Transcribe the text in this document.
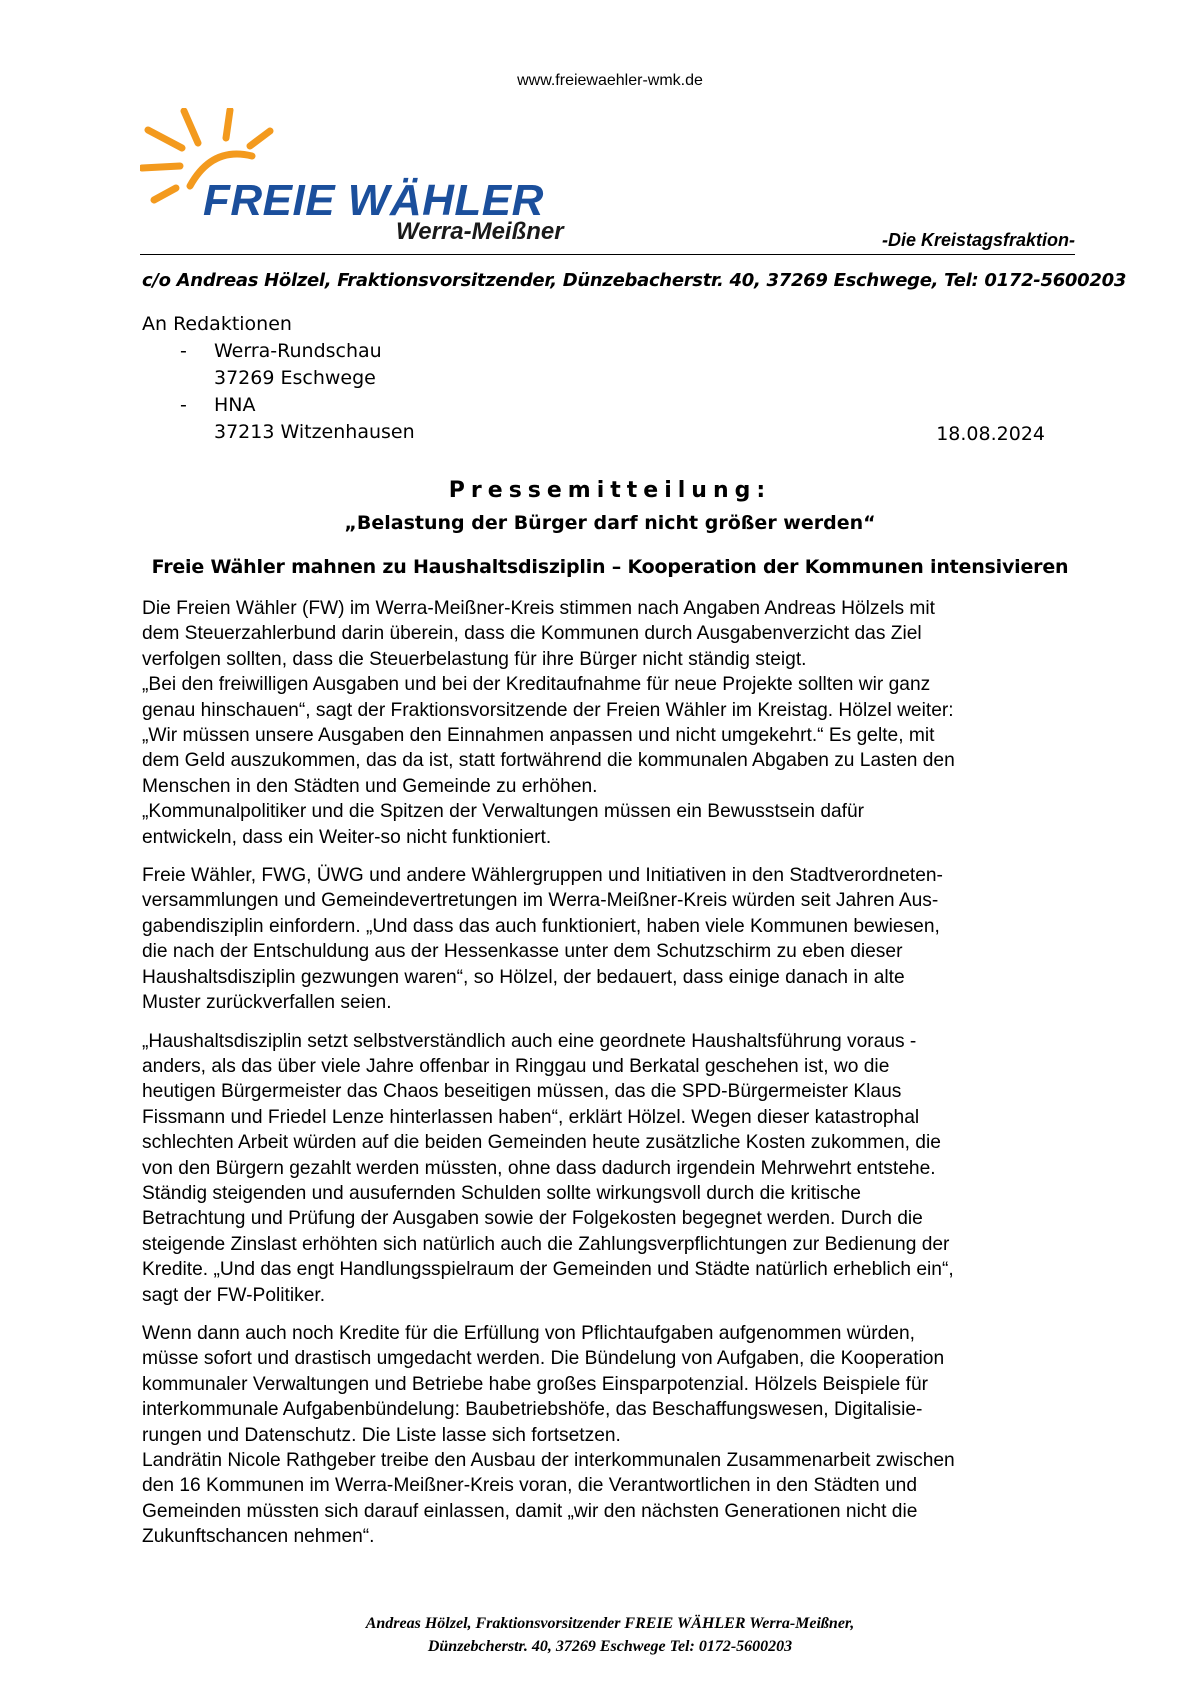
www.freiewaehler-wmk.de
FREIE WÄHLER
Werra-Meißner	-Die Kreistagsfraktion-
c/o Andreas Hölzel, Fraktionsvorsitzender, Dünzebacherstr. 40, 37269 Eschwege, Tel: 0172-5600203
An Redaktionen
- Werra-Rundschau
37269 Eschwege
- HNA
37213 Witzenhausen	18.08.2024
Pressemitteilung:
„Belastung der Bürger darf nicht größer werden“
Freie Wähler mahnen zu Haushaltsdisziplin – Kooperation der Kommunen intensivieren

Die Freien Wähler (FW) im Werra-Meißner-Kreis stimmen nach Angaben Andreas Hölzels mit
dem Steuerzahlerbund darin überein, dass die Kommunen durch Ausgabenverzicht das Ziel
verfolgen sollten, dass die Steuerbelastung für ihre Bürger nicht ständig steigt.
„Bei den freiwilligen Ausgaben und bei der Kreditaufnahme für neue Projekte sollten wir ganz
genau hinschauen“, sagt der Fraktionsvorsitzende der Freien Wähler im Kreistag. Hölzel weiter:
„Wir müssen unsere Ausgaben den Einnahmen anpassen und nicht umgekehrt.“ Es gelte, mit
dem Geld auszukommen, das da ist, statt fortwährend die kommunalen Abgaben zu Lasten den
Menschen in den Städten und Gemeinde zu erhöhen.
„Kommunalpolitiker und die Spitzen der Verwaltungen müssen ein Bewusstsein dafür
entwickeln, dass ein Weiter-so nicht funktioniert.

Freie Wähler, FWG, ÜWG und andere Wählergruppen und Initiativen in den Stadtverordneten-
versammlungen und Gemeindevertretungen im Werra-Meißner-Kreis würden seit Jahren Aus-
gabendisziplin einfordern. „Und dass das auch funktioniert, haben viele Kommunen bewiesen,
die nach der Entschuldung aus der Hessenkasse unter dem Schutzschirm zu eben dieser
Haushaltsdisziplin gezwungen waren“, so Hölzel, der bedauert, dass einige danach in alte
Muster zurückverfallen seien.

„Haushaltsdisziplin setzt selbstverständlich auch eine geordnete Haushaltsführung voraus -
anders, als das über viele Jahre offenbar in Ringgau und Berkatal geschehen ist, wo die
heutigen Bürgermeister das Chaos beseitigen müssen, das die SPD-Bürgermeister Klaus
Fissmann und Friedel Lenze hinterlassen haben“, erklärt Hölzel. Wegen dieser katastrophal
schlechten Arbeit würden auf die beiden Gemeinden heute zusätzliche Kosten zukommen, die
von den Bürgern gezahlt werden müssten, ohne dass dadurch irgendein Mehrwehrt entstehe.
Ständig steigenden und ausufernden Schulden sollte wirkungsvoll durch die kritische
Betrachtung und Prüfung der Ausgaben sowie der Folgekosten begegnet werden. Durch die
steigende Zinslast erhöhten sich natürlich auch die Zahlungsverpflichtungen zur Bedienung der
Kredite. „Und das engt Handlungsspielraum der Gemeinden und Städte natürlich erheblich ein“,
sagt der FW-Politiker.

Wenn dann auch noch Kredite für die Erfüllung von Pflichtaufgaben aufgenommen würden,
müsse sofort und drastisch umgedacht werden. Die Bündelung von Aufgaben, die Kooperation
kommunaler Verwaltungen und Betriebe habe großes Einsparpotenzial. Hölzels Beispiele für
interkommunale Aufgabenbündelung: Baubetriebshöfe, das Beschaffungswesen, Digitalisie-
rungen und Datenschutz. Die Liste lasse sich fortsetzen.
Landrätin Nicole Rathgeber treibe den Ausbau der interkommunalen Zusammenarbeit zwischen
den 16 Kommunen im Werra-Meißner-Kreis voran, die Verantwortlichen in den Städten und
Gemeinden müssten sich darauf einlassen, damit „wir den nächsten Generationen nicht die
Zukunftschancen nehmen“.

Andreas Hölzel, Fraktionsvorsitzender FREIE WÄHLER Werra-Meißner,
Dünzebcherstr. 40, 37269 Eschwege Tel: 0172-5600203
